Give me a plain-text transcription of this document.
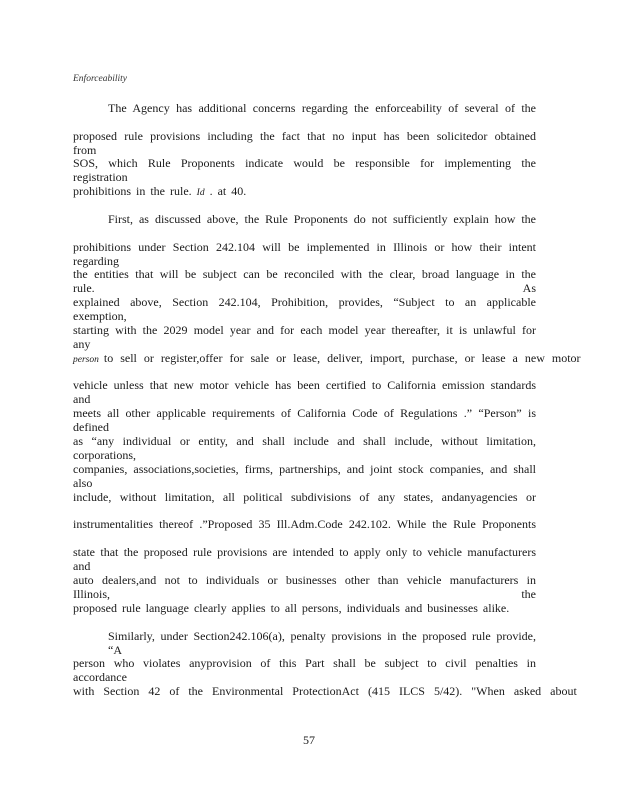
Enforceability
The Agency has additional concerns regarding the enforceability of several of the
proposed rule provisions including the fact that no input has been solicitedor obtained from
SOS, which Rule Proponents indicate would be responsible for implementing the registration
prohibitions in the rule. Id . at 40.
First, as discussed above, the Rule Proponents do not sufficiently explain how the
prohibitions under Section 242.104 will be implemented in Illinois or how their intent regarding
the entities that will be subject can be reconciled with the clear, broad language in the rule. As
explained above, Section 242.104, Prohibition, provides, “Subject to an applicable exemption,
starting with the 2029 model year and for each model year thereafter, it is unlawful for any
person to sell or register,offer for sale or lease, deliver, import, purchase, or lease a new motor
vehicle unless that new motor vehicle has been certified to California emission standards and
meets all other applicable requirements of California Code of Regulations .” “Person” is defined
as “any individual or entity, and shall include and shall include, without limitation, corporations,
companies, associations,societies, firms, partnerships, and joint stock companies, and shall also
include, without limitation, all political subdivisions of any states, andanyagencies or
instrumentalities thereof .”Proposed 35 Ill.Adm.Code 242.102. While the Rule Proponents
state that the proposed rule provisions are intended to apply only to vehicle manufacturers and
auto dealers,and not to individuals or businesses other than vehicle manufacturers in Illinois, the
proposed rule language clearly applies to all persons, individuals and businesses alike.
Similarly, under Section242.106(a), penalty provisions in the proposed rule provide, “A
person who violates anyprovision of this Part shall be subject to civil penalties in accordance
with Section 42 of the Environmental ProtectionAct (415 ILCS 5/42). "When asked about
57
